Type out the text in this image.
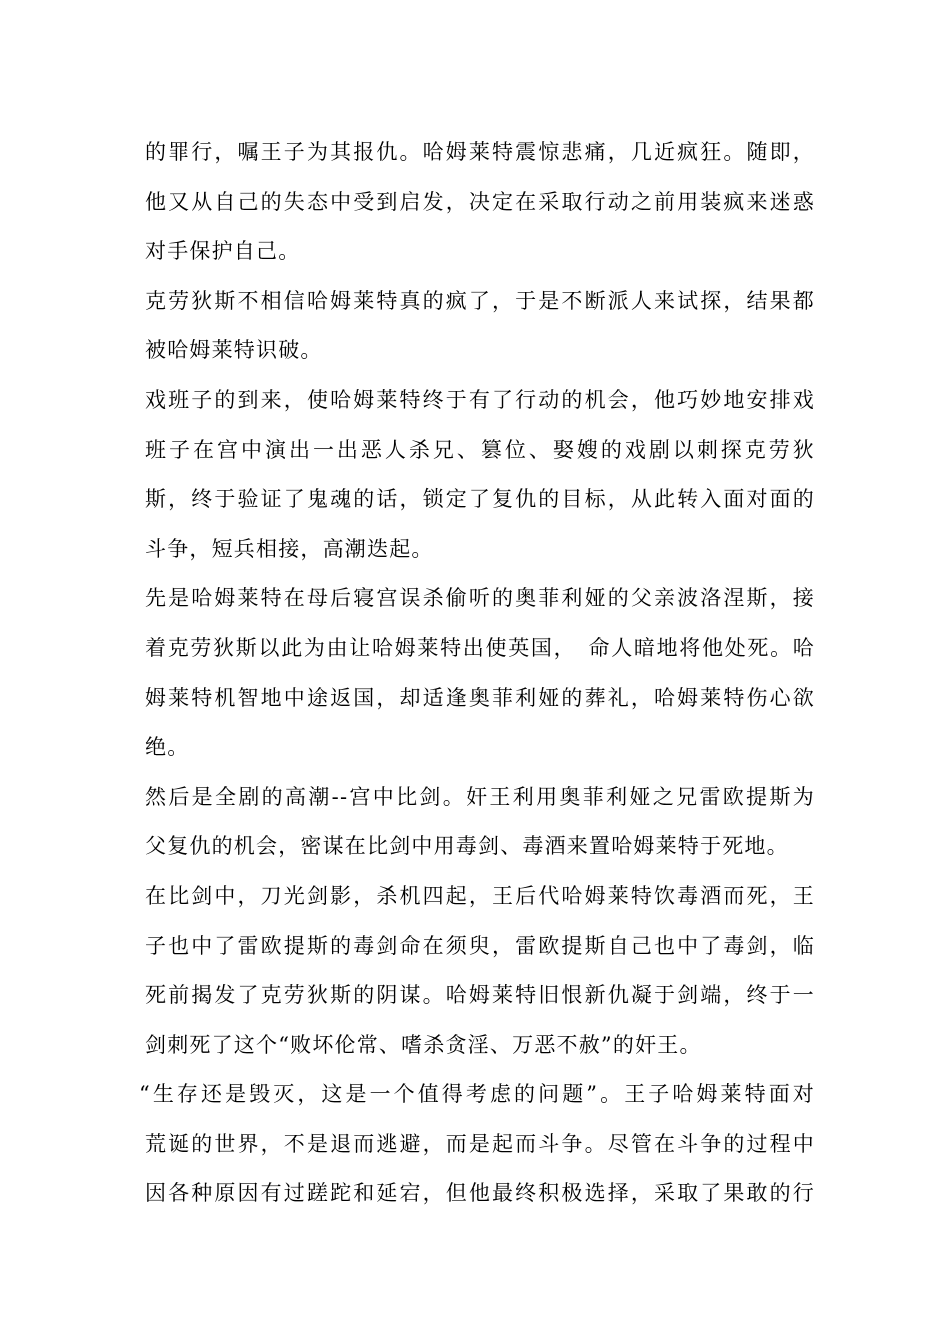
的罪行，嘱王子为其报仇。哈姆莱特震惊悲痛，几近疯狂。随即，
他又从自己的失态中受到启发，决定在采取行动之前用装疯来迷惑
对手保护自己。
克劳狄斯不相信哈姆莱特真的疯了，于是不断派人来试探，结果都
被哈姆莱特识破。
戏班子的到来，使哈姆莱特终于有了行动的机会，他巧妙地安排戏
班子在宫中演出一出恶人杀兄、篡位、娶嫂的戏剧以刺探克劳狄
斯，终于验证了鬼魂的话，锁定了复仇的目标，从此转入面对面的
斗争，短兵相接，高潮迭起。
先是哈姆莱特在母后寝宫误杀偷听的奥菲利娅的父亲波洛涅斯，接
着克劳狄斯以此为由让哈姆莱特出使英国，　命人暗地将他处死。哈
姆莱特机智地中途返国，却适逢奥菲利娅的葬礼，哈姆莱特伤心欲
绝。
然后是全剧的高潮--宫中比剑。奸王利用奥菲利娅之兄雷欧提斯为
父复仇的机会，密谋在比剑中用毒剑、毒酒来置哈姆莱特于死地。
在比剑中，刀光剑影，杀机四起，王后代哈姆莱特饮毒酒而死，王
子也中了雷欧提斯的毒剑命在须臾，雷欧提斯自己也中了毒剑，临
死前揭发了克劳狄斯的阴谋。哈姆莱特旧恨新仇凝于剑端，终于一
剑刺死了这个“败坏伦常、嗜杀贪淫、万恶不赦”的奸王。
“生存还是毁灭，这是一个值得考虑的问题”。王子哈姆莱特面对
荒诞的世界，不是退而逃避，而是起而斗争。尽管在斗争的过程中
因各种原因有过蹉跎和延宕，但他最终积极选择，采取了果敢的行
